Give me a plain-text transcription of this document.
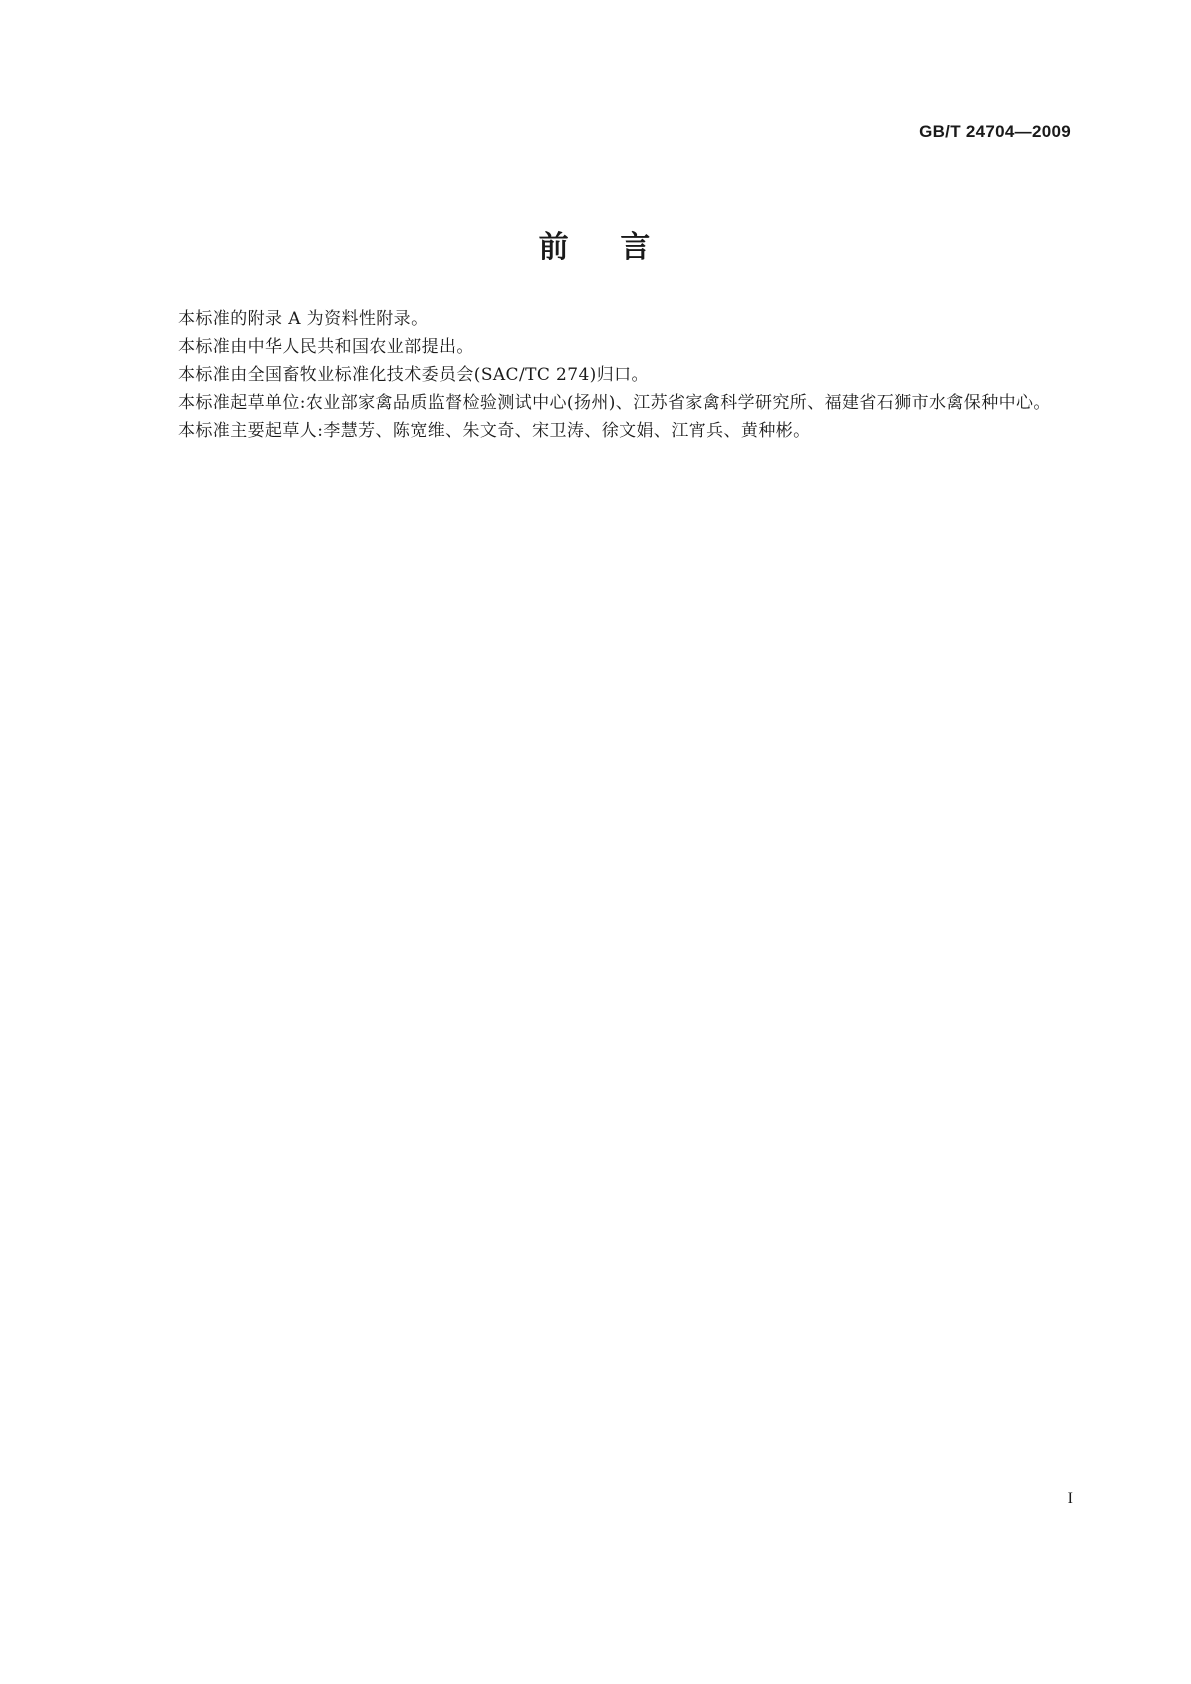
GB/T 24704—2009
前    言

本标准的附录 A 为资料性附录。

本标准由中华人民共和国农业部提出。

本标准由全国畜牧业标准化技术委员会(SAC/TC 274)归口。

本标准起草单位:农业部家禽品质监督检验测试中心(扬州)、江苏省家禽科学研究所、福建省石狮市水禽保种中心。

本标准主要起草人:李慧芳、陈宽维、朱文奇、宋卫涛、徐文娟、江宵兵、黄种彬。

I
